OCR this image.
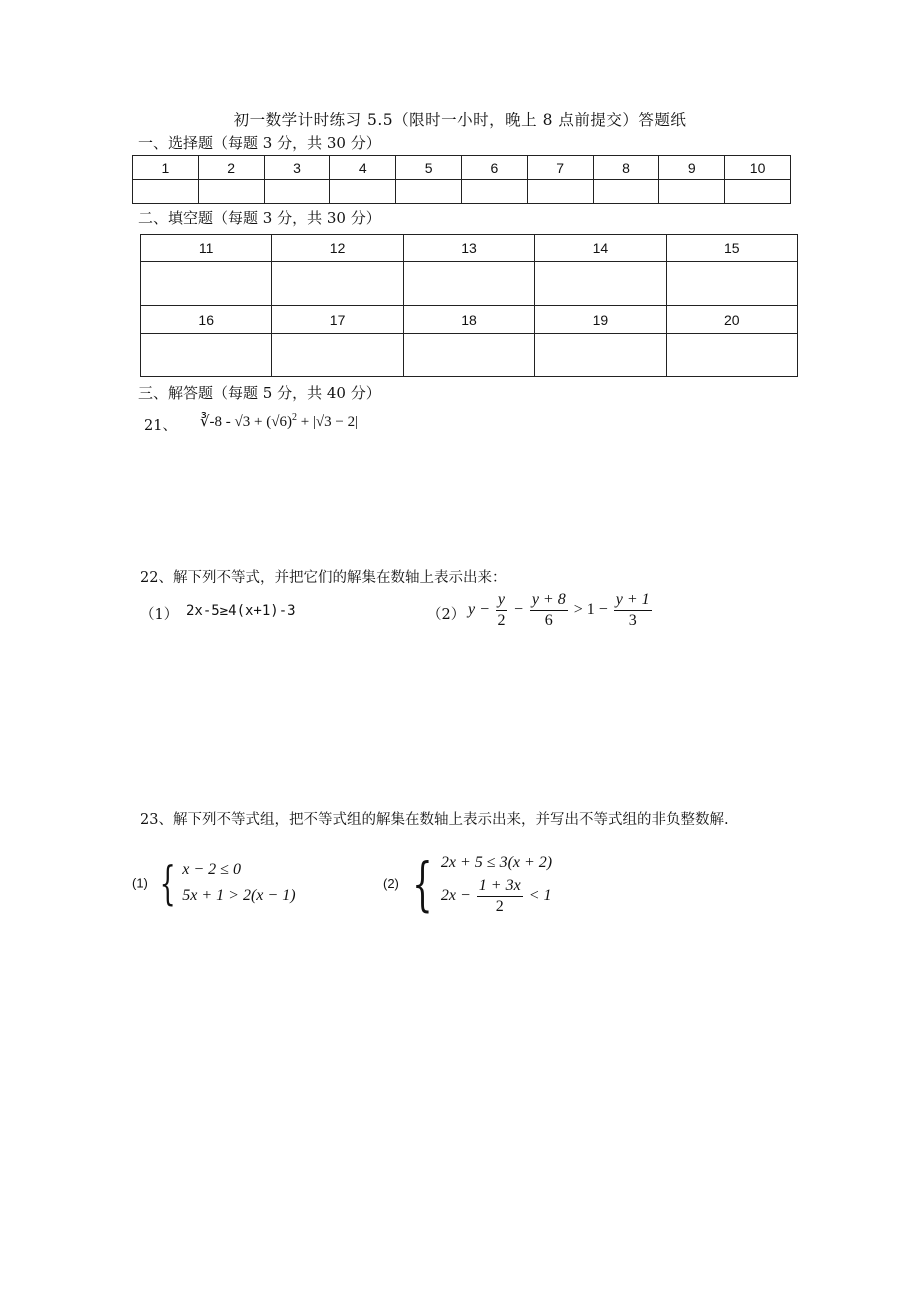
初一数学计时练习 5.5（限时一小时，晚上 8 点前提交）答题纸
一、选择题（每题 3 分，共 30 分）
1	2	3	4	5	6	7	8	9	10

二、填空题（每题 3 分，共 30 分）
11	12	13	14	15

16	17	18	19	20

三、解答题（每题 5 分，共 40 分）
21、 ∛-8 - $√3 + (√6)^2 + |√3 - 2|$
22、解下列不等式，并把它们的解集在数轴上表示出来：
（1） 2x-5≥4(x+1)-3	（2） $y - \frac{y}{2} - \frac{y + 8}{6} > 1 - \frac{y + 1}{3}$
23、解下列不等式组，把不等式组的解集在数轴上表示出来，并写出不等式组的非负整数解.
(1) { x − 2 ≤ 0
5x + 1 > 2(x − 1)
(2) { 2x + 5 ≤ 3(x + 2)
$2x - \frac{1 + 3x}{2} < 1$
